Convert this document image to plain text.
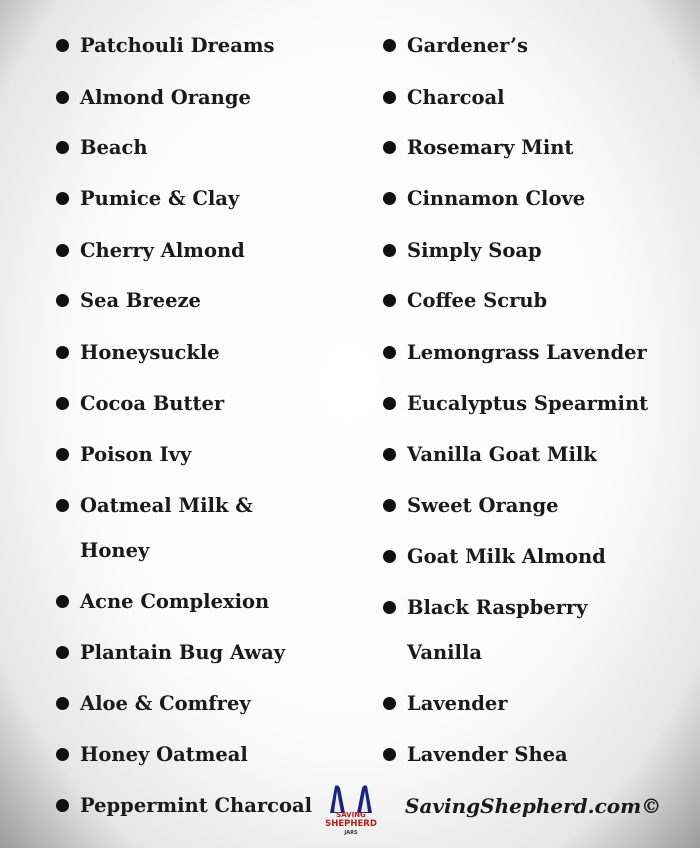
Patchouli Dreams
Almond Orange
Beach
Pumice & Clay
Cherry Almond
Sea Breeze
Honeysuckle
Cocoa Butter
Poison Ivy
Oatmeal Milk &
Honey
Acne Complexion
Plantain Bug Away
Aloe & Comfrey
Honey Oatmeal
Peppermint Charcoal
Gardener’s
Charcoal
Rosemary Mint
Cinnamon Clove
Simply Soap
Coffee Scrub
Lemongrass Lavender
Eucalyptus Spearmint
Vanilla Goat Milk
Sweet Orange
Goat Milk Almond
Black Raspberry
Vanilla
Lavender
Lavender Shea
SAVING
SHEPHERD
JARS
SavingShepherd.com©
